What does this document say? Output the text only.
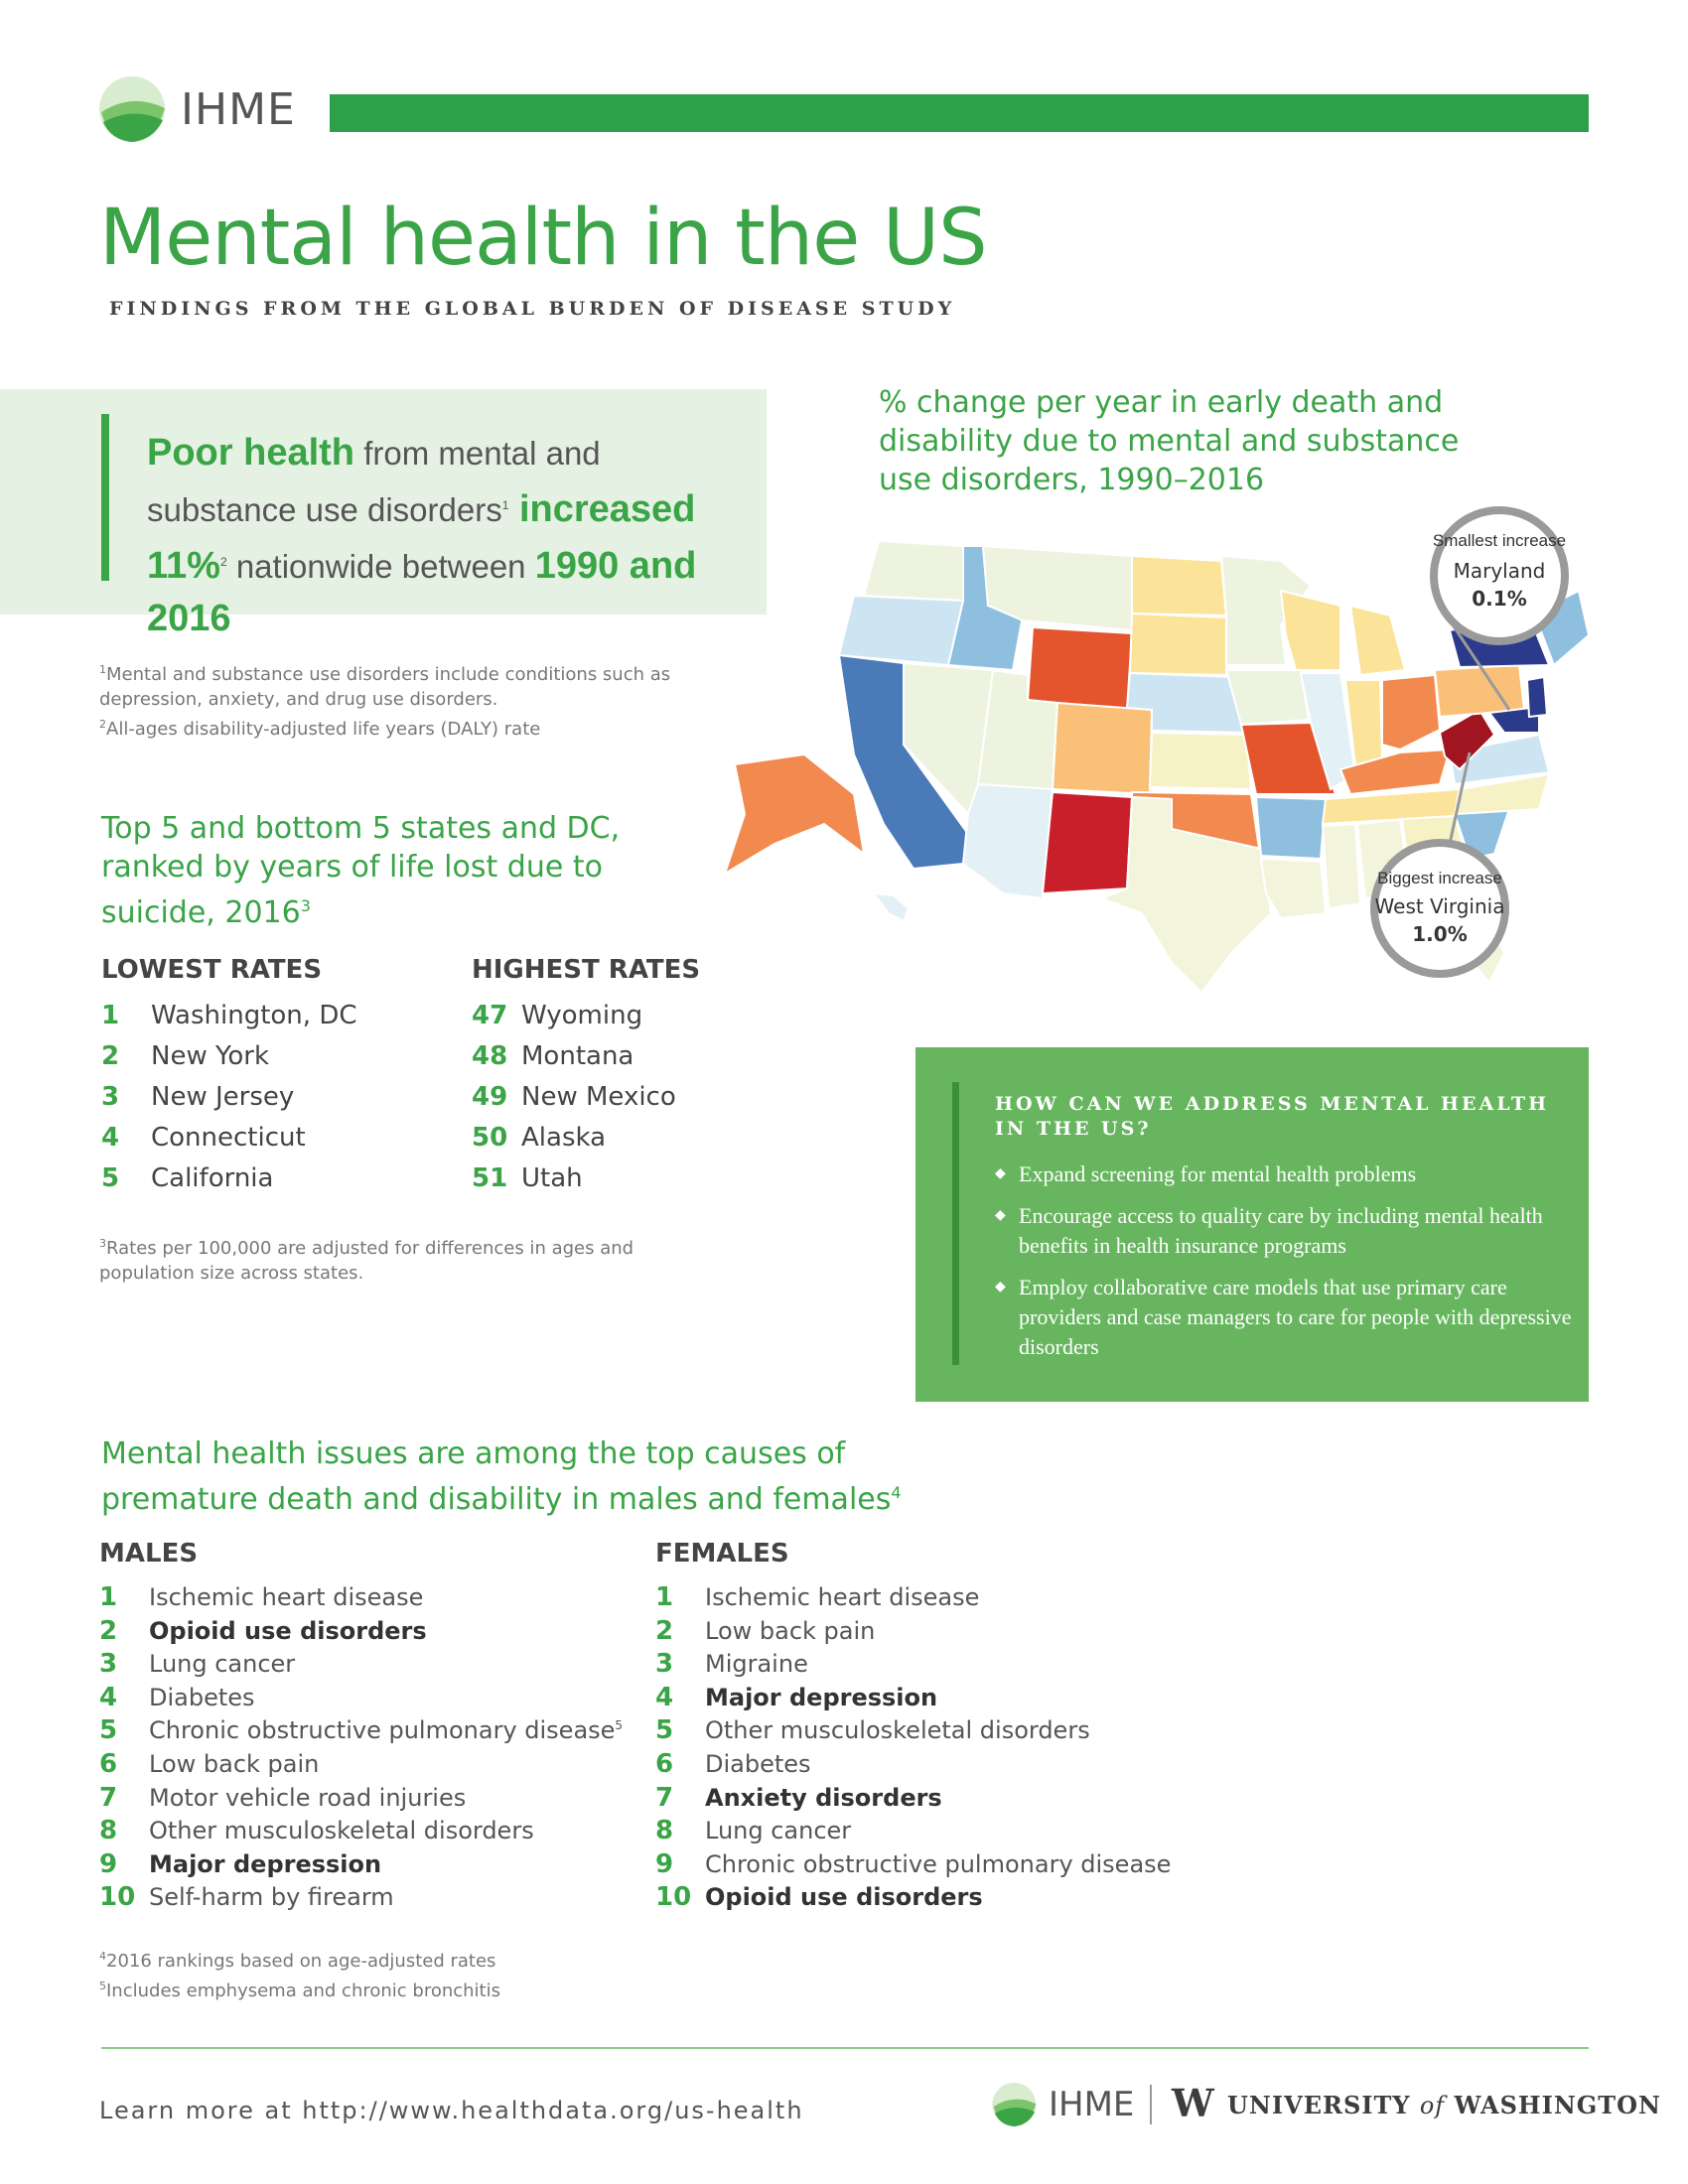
IHME
Mental health in the US
FINDINGS FROM THE GLOBAL BURDEN OF DISEASE STUDY
Poor health from mental and substance use disorders$^1$ increased 11%$^2$ nationwide between 1990 and 2016
$^1$Mental and substance use disorders include conditions such as depression, anxiety, and drug use disorders.
$^2$All-ages disability-adjusted life years (DALY) rate
% change per year in early death and disability due to mental and substance use disorders, 1990–2016
Smallest increase
Maryland
0.1%
Biggest increase
West Virginia
1.0%
Top 5 and bottom 5 states and DC, ranked by years of life lost due to suicide, 2016$^3$
LOWEST RATES	HIGHEST RATES
1 Washington, DC
2 New York
3 New Jersey
4 Connecticut
5 California
47 Wyoming
48 Montana
49 New Mexico
50 Alaska
51 Utah
$^3$Rates per 100,000 are adjusted for differences in ages and population size across states.
HOW CAN WE ADDRESS MENTAL HEALTH IN THE US?
◆ Expand screening for mental health problems
◆ Encourage access to quality care by including mental health benefits in health insurance programs
◆ Employ collaborative care models that use primary care providers and case managers to care for people with depressive disorders
Mental health issues are among the top causes of premature death and disability in males and females$^4$
MALES	FEMALES
1 Ischemic heart disease
2 Opioid use disorders
3 Lung cancer
4 Diabetes
5 Chronic obstructive pulmonary disease$^5$
6 Low back pain
7 Motor vehicle road injuries
8 Other musculoskeletal disorders
9 Major depression
10 Self-harm by firearm
1 Ischemic heart disease
2 Low back pain
3 Migraine
4 Major depression
5 Other musculoskeletal disorders
6 Diabetes
7 Anxiety disorders
8 Lung cancer
9 Chronic obstructive pulmonary disease
10 Opioid use disorders
$^4$2016 rankings based on age-adjusted rates
$^5$Includes emphysema and chronic bronchitis
Learn more at http://www.healthdata.org/us-health	IHME W UNIVERSITY of WASHINGTON
